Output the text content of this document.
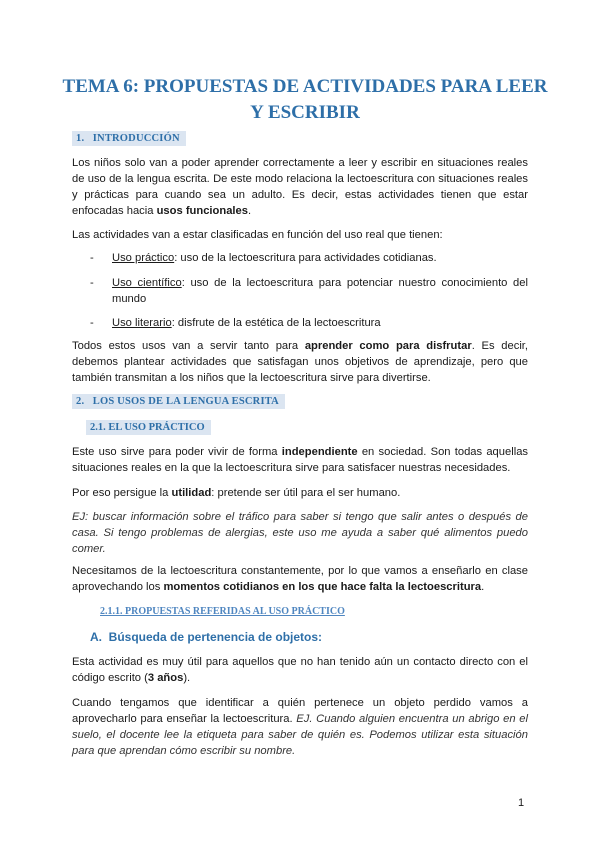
TEMA 6: PROPUESTAS DE ACTIVIDADES PARA LEER Y ESCRIBIR
1.   INTRODUCCIÓN
Los niños solo van a poder aprender correctamente a leer y escribir en situaciones reales de uso de la lengua escrita. De este modo relaciona la lectoescritura con situaciones reales y prácticas para cuando sea un adulto. Es decir, estas actividades tienen que estar enfocadas hacia usos funcionales.
Las actividades van a estar clasificadas en función del uso real que tienen:
- Uso práctico: uso de la lectoescritura para actividades cotidianas.
- Uso científico: uso de la lectoescritura para potenciar nuestro conocimiento del mundo
- Uso literario: disfrute de la estética de la lectoescritura
Todos estos usos van a servir tanto para aprender como para disfrutar. Es decir, debemos plantear actividades que satisfagan unos objetivos de aprendizaje, pero que también transmitan a los niños que la lectoescritura sirve para divertirse.
2.   LOS USOS DE LA LENGUA ESCRITA
2.1. EL USO PRÁCTICO
Este uso sirve para poder vivir de forma independiente en sociedad. Son todas aquellas situaciones reales en la que la lectoescritura sirve para satisfacer nuestras necesidades.
Por eso persigue la utilidad: pretende ser útil para el ser humano.
EJ: buscar información sobre el tráfico para saber si tengo que salir antes o después de casa. Si tengo problemas de alergias, este uso me ayuda a saber qué alimentos puedo comer.
Necesitamos de la lectoescritura constantemente, por lo que vamos a enseñarlo en clase aprovechando los momentos cotidianos en los que hace falta la lectoescritura.
2.1.1. PROPUESTAS REFERIDAS AL USO PRÁCTICO
A.  Búsqueda de pertenencia de objetos:
Esta actividad es muy útil para aquellos que no han tenido aún un contacto directo con el código escrito (3 años).
Cuando tengamos que identificar a quién pertenece un objeto perdido vamos a aprovecharlo para enseñar la lectoescritura. EJ. Cuando alguien encuentra un abrigo en el suelo, el docente lee la etiqueta para saber de quién es. Podemos utilizar esta situación para que aprendan cómo escribir su nombre.
1
